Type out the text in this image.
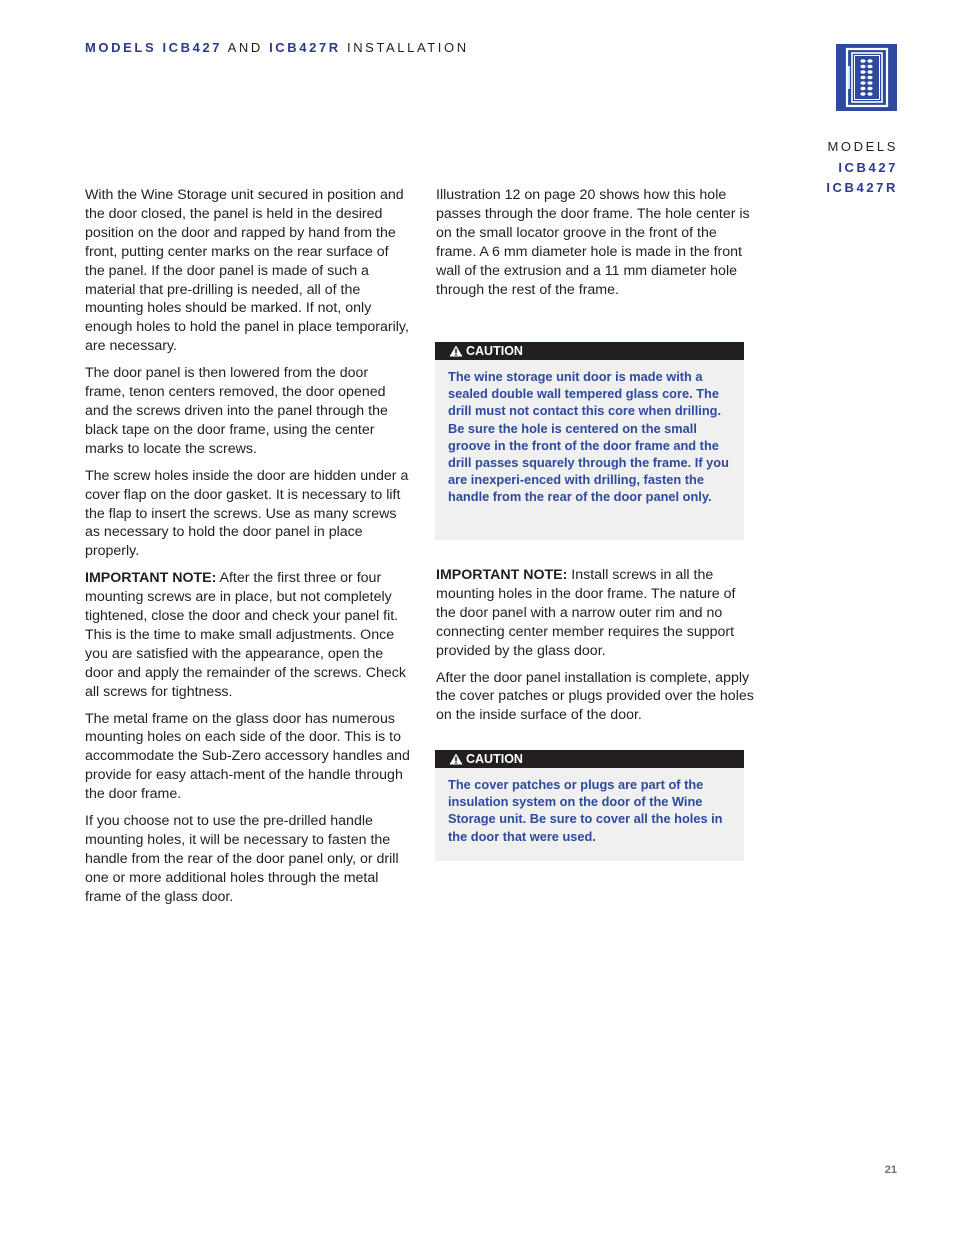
MODELS ICB427 AND ICB427R INSTALLATION
MODELS
ICB427
ICB427R

With the Wine Storage unit secured in position and the door closed, the panel is held in the desired position on the door and rapped by hand from the front, putting center marks on the rear surface of the panel. If the door panel is made of such a material that pre-drilling is needed, all of the mounting holes should be marked. If not, only enough holes to hold the panel in place temporarily, are necessary.

The door panel is then lowered from the door frame, tenon centers removed, the door opened and the screws driven into the panel through the black tape on the door frame, using the center marks to locate the screws.

The screw holes inside the door are hidden under a cover flap on the door gasket. It is necessary to lift the flap to insert the screws. Use as many screws as necessary to hold the door panel in place properly.

IMPORTANT NOTE: After the first three or four mounting screws are in place, but not completely tightened, close the door and check your panel fit. This is the time to make small adjustments. Once you are satisfied with the appearance, open the door and apply the remainder of the screws. Check all screws for tightness.

The metal frame on the glass door has numerous mounting holes on each side of the door. This is to accommodate the Sub-Zero accessory handles and provide for easy attach-ment of the handle through the door frame.

If you choose not to use the pre-drilled handle mounting holes, it will be necessary to fasten the handle from the rear of the door panel only, or drill one or more additional holes through the metal frame of the glass door.

Illustration 12 on page 20 shows how this hole passes through the door frame. The hole center is on the small locator groove in the front of the frame. A 6 mm diameter hole is made in the front wall of the extrusion and a 11 mm diameter hole through the rest of the frame.

CAUTION
The wine storage unit door is made with a sealed double wall tempered glass core. The drill must not contact this core when drilling. Be sure the hole is centered on the small groove in the front of the door frame and the drill passes squarely through the frame. If you are inexperi-enced with drilling, fasten the handle from the rear of the door panel only.

IMPORTANT NOTE: Install screws in all the mounting holes in the door frame. The nature of the door panel with a narrow outer rim and no connecting center member requires the support provided by the glass door.

After the door panel installation is complete, apply the cover patches or plugs provided over the holes on the inside surface of the door.

CAUTION
The cover patches or plugs are part of the insulation system on the door of the Wine Storage unit. Be sure to cover all the holes in the door that were used.
21
